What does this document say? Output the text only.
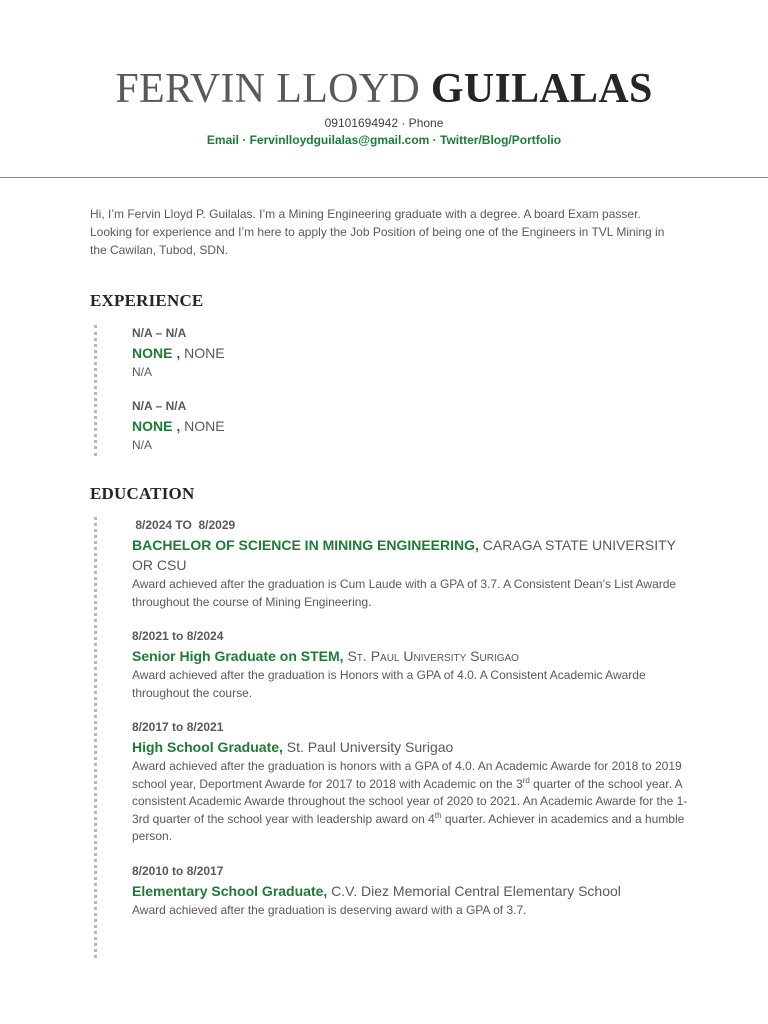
FERVIN LLOYD GUILALAS
09101694942 · Phone
Email · Fervinlloydguilalas@gmail.com · Twitter/Blog/Portfolio

Hi, I’m Fervin Lloyd P. Guilalas. I’m a Mining Engineering graduate with a degree. A board Exam passer. Looking for experience and I’m here to apply the Job Position of being one of the Engineers in TVL Mining in the Cawilan, Tubod, SDN.

EXPERIENCE
N/A – N/A
NONE , NONE
N/A
N/A – N/A
NONE , NONE
N/A
EDUCATION
8/2024 TO  8/2029
BACHELOR OF SCIENCE IN MINING ENGINEERING, CARAGA STATE UNIVERSITY OR CSU
Award achieved after the graduation is Cum Laude with a GPA of 3.7. A Consistent Dean’s List Awarde throughout the course of Mining Engineering.
8/2021 to 8/2024
Senior High Graduate on STEM, St. Paul University Surigao
Award achieved after the graduation is Honors with a GPA of 4.0. A Consistent Academic Awarde throughout the course.
8/2017 to 8/2021
High School Graduate, St. Paul University Surigao
Award achieved after the graduation is honors with a GPA of 4.0. An Academic Awarde for 2018 to 2019 school year, Deportment Awarde for 2017 to 2018 with Academic on the 3rd quarter of the school year. A consistent Academic Awarde throughout the school year of 2020 to 2021. An Academic Awarde for the 1-3rd quarter of the school year with leadership award on 4th quarter. Achiever in academics and a humble person.
8/2010 to 8/2017
Elementary School Graduate, C.V. Diez Memorial Central Elementary School
Award achieved after the graduation is deserving award with a GPA of 3.7.
